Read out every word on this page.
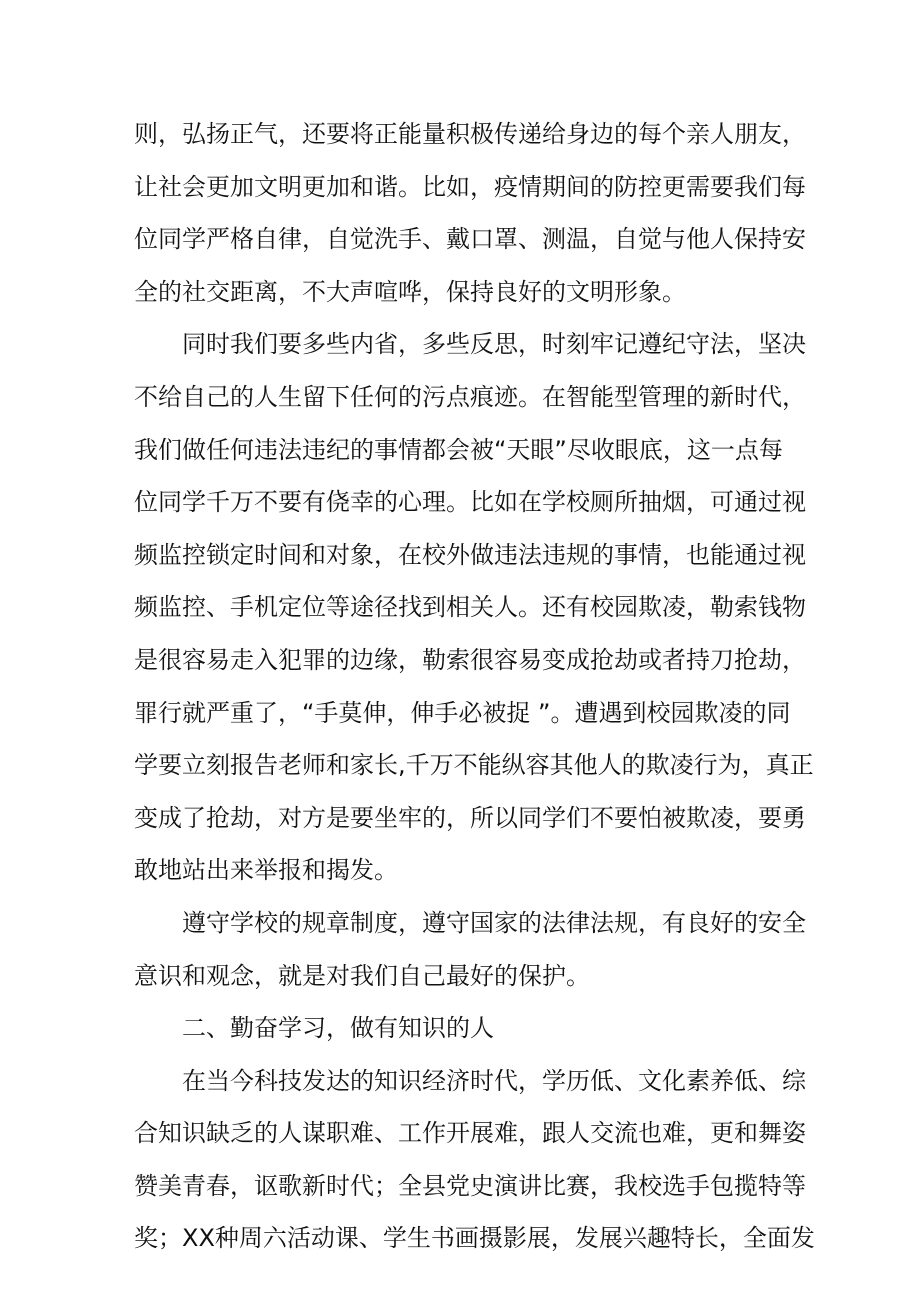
则，弘扬正气，还要将正能量积极传递给身边的每个亲人朋友，
让社会更加文明更加和谐。比如，疫情期间的防控更需要我们每
位同学严格自律，自觉洗手、戴口罩、测温，自觉与他人保持安
全的社交距离，不大声喧哗，保持良好的文明形象。
同时我们要多些内省，多些反思，时刻牢记遵纪守法，坚决
不给自己的人生留下任何的污点痕迹。在智能型管理的新时代，
我们做任何违法违纪的事情都会被“天眼”尽收眼底，这一点每
位同学千万不要有侥幸的心理。比如在学校厕所抽烟，可通过视
频监控锁定时间和对象，在校外做违法违规的事情，也能通过视
频监控、手机定位等途径找到相关人。还有校园欺凌，勒索钱物
是很容易走入犯罪的边缘，勒索很容易变成抢劫或者持刀抢劫，
罪行就严重了，“手莫伸，伸手必被捉 ”。遭遇到校园欺凌的同
学要立刻报告老师和家长,千万不能纵容其他人的欺凌行为，真正
变成了抢劫，对方是要坐牢的，所以同学们不要怕被欺凌，要勇
敢地站出来举报和揭发。
遵守学校的规章制度，遵守国家的法律法规，有良好的安全
意识和观念，就是对我们自己最好的保护。
二、勤奋学习，做有知识的人
在当今科技发达的知识经济时代，学历低、文化素养低、综
合知识缺乏的人谋职难、工作开展难，跟人交流也难，更和舞姿
赞美青春，讴歌新时代；全县党史演讲比赛，我校选手包揽特等
奖；XX种周六活动课、学生书画摄影展，发展兴趣特长，全面发
